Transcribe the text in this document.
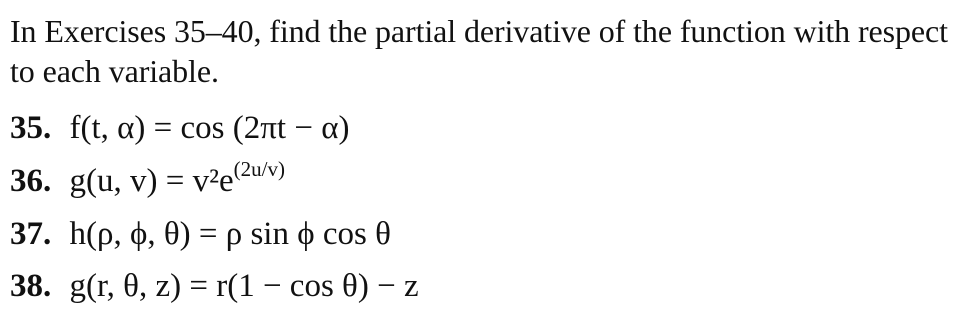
In Exercises 35–40, find the partial derivative of the function with respect to each variable.
35. f(t, α) = cos (2πt − α)
36. g(u, $v) = v^2e^{(2u/v)}$
37. h(ρ, ϕ, θ) = ρ sin ϕ cos θ
38. g(r, θ, z) = r(1 − cos θ) − z
